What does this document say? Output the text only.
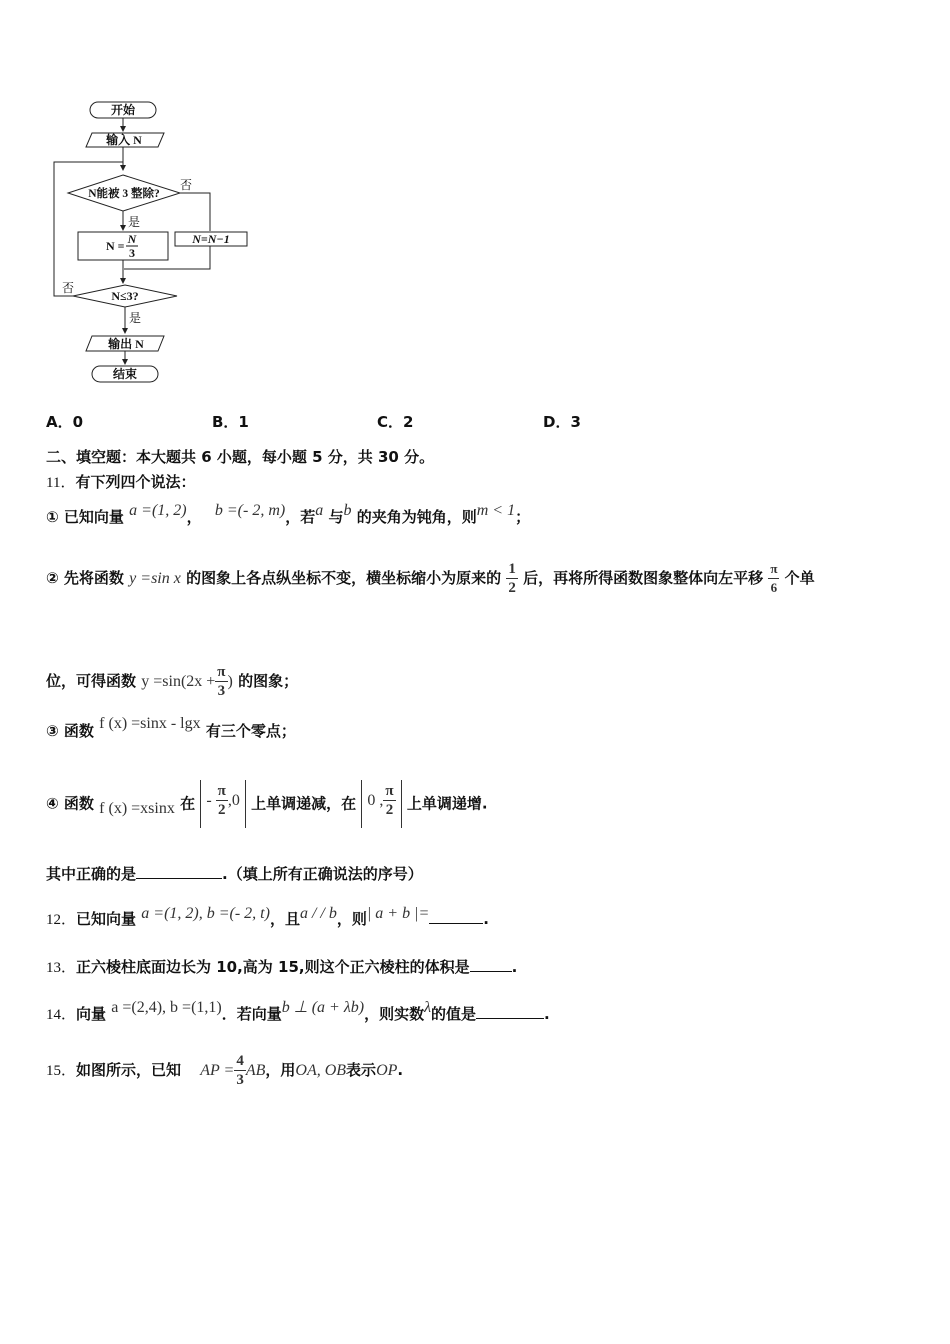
开始
输入 N
N能被 3 整除?
否
是
N = N
3
N=N−1
N≤3?
否
是
输出 N
结束
A．0	B．1	C．2	D．3
二、填空题：本大题共 6 小题，每小题 5 分，共 30 分。
11．有下列四个说法：
① 已知向量 a =(1, 2)， b =(- 2, m)，若a 与b 的夹角为钝角，则m < 1；
② 先将函数 y =sin x 的图象上各点纵坐标不变，横坐标缩小为原来的 $\frac{1}{2}$ 后，再将所得函数图象整体向左平移 $\frac{\pi}{6}$ 个单
位，可得函数 $y =\sin(2x + \frac{\pi}{3}$ ) 的图象；
③ 函数 f (x) =sinx - lgx 有三个零点；
④ 函数 f (x) =xsinx 在 - $\frac{\pi}{2} ,0$ 上单调递减，在 0 , $\frac{\pi}{2}$ 上单调递增.
其中正确的是	.（填上所有正确说法的序号）
12．已知向量 a =(1, 2), b =(- 2, t)，且a / / b，则| a + b |=	.
13．正六棱柱底面边长为 10,高为 15,则这个正六棱柱的体积是	.
14．向量 a =(2,4), b =(1,1)．若向量b ⊥ (a + λb)，则实数λ的值是	.
15．如图所示，已知 AP = $\frac{4}{3}$ AB，用OA, OB表示OP.
